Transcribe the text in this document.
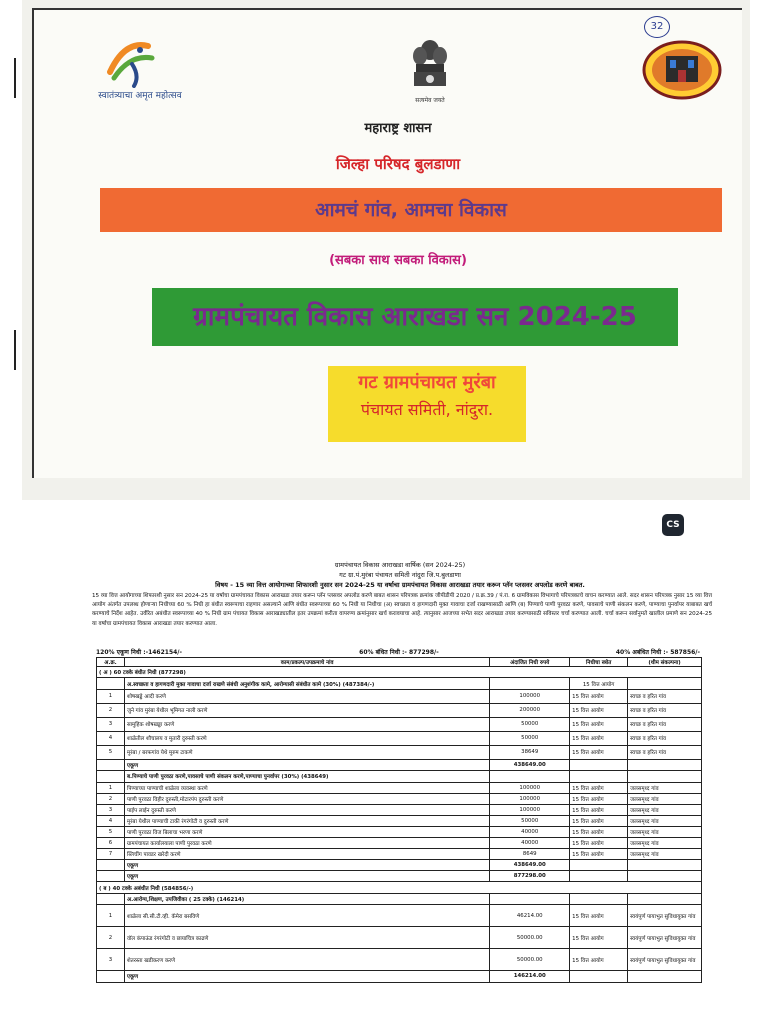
स्वातंत्र्याचा अमृत महोत्सव	सत्यमेव जयते
32
महाराष्ट्र शासन
जिल्हा परिषद बुलडाणा
आमचं गांव, आमचा विकास
(सबका साथ सबका विकास)
ग्रामपंचायत विकास आराखडा सन 2024-25
गट ग्रामपंचायत मुरंबा
पंचायत समिती, नांदुरा.
CS
ग्रामपंचायत विकास आराखडा वार्षिक (सन 2024-25)
गट ग्रा.पं.मुरंबा पंचायत समिती नांदुरा जि.प.बुलडाणा
विषय - 15 व्या वित्त आयोगाच्या शिफारशी नुसार सन 2024-25 या वर्षाचा ग्रामपंचायत विकास आराखडा तयार करून प्लॅन प्लसवर अपलोड करणे बाबत.
15 व्या वित्त आयोगाच्या शिफारशी नुसार सन 2024-25 या वर्षाचा ग्रामपंचायत विकास आराखडा तयार करून प्लॅन प्लसवर अपलोड करणे बाबत शासन परिपत्रक क्रमांक जीपीडीपी 2020 / प्र.क्र.39 / पं.रा. 6 ग्रामविकास विभागाचे परिपत्रकाचे वाचन करण्यात आले. सदर शासन परिपत्रक नुसार 15 व्या वित्त आयोग अंतर्गत उपलब्ध होणाऱ्या निधीच्या 60 % निधी हा बंधीत स्वरूपाचा राहणार असल्याने आणि बंधीत स्वरूपाच्या 60 % निधी या निधीचा (अ) स्वच्छता व हागणदारी मुक्त गावाचा दर्जा राखण्यासाठी आणि (ब) पिण्याचे पाणी पुरवठा करणे, पावसाचे पाणी संकलन करणे, पाण्याचा पुनर्वापर याबाबत खर्च करण्याचे निर्देश आहेत. उर्वरित अबंधीत स्वरूपाच्या 40 % निधी ग्राम पंचायत विकास आराखड्यातील इतर उपक्रमां करीता वापरण्य क्रमांनुसार खर्च करावयाचा आहे. त्यानुसार आजच्या सभेत सदर आराखडा तयार करण्यासाठी सविस्तर चर्चा करण्यात आली. चर्चा करून सर्वानुमते खालील प्रमाणे सन 2024-25 या वर्षाचा ग्रामपंचायत विकास आराखडा तयार करण्यात आला.
120% एकूण निधी :-1462154/-	60% बंधित निधी :- 877298/-	40% अबंधित निधी :- 587856/-
अ.क्र.	काम/प्रकल्प/उपक्रमाचे नांव	अंदाजित निधी रुपये	निधीचा स्त्रोत	(थीम संकल्पना)
( अ ) 60 टक्के बंधीत निधी (877298)				
	अ.स्वच्छता व हागणदारी मुक्त गावाचा दर्जा राखणे संबंधी अनुशंगीक कामे, आरोग्यासी संबंधीत कामे (30%) (487384/-)		15 वित्त आयोग	
1	शोषखड्डे आदी करणे	100000	15 वित्त आयोग	स्वच्छ व हरित गांव
2	जुने गांव मुरंबा येथील भूमिगत नाली करणे	200000	15 वित्त आयोग	स्वच्छ व हरित गांव
3	सामुहिक शोषखड्डा करणे	50000	15 वित्त आयोग	स्वच्छ व हरित गांव
4	शाळेतील शौचालय व मुतारी दुरुस्ती करणे	50000	15 वित्त आयोग	स्वच्छ व हरित गांव
5	मुरंबा / बरफगांव येथे मुरुम टाकणे	38649	15 वित्त आयोग	स्वच्छ व हरित गांव
	एकूण	438649.00		
	ब.पिण्याचे पाणी पुरवठा करणे,पावसाचे पाणी संकलन करणे,पाण्याचा पुनर्वापर (30%) (438649)			
1	पिण्याच्या पाण्याची शाळेला व्यवस्था करणे	100000	15 वित्त आयोग	जलसमृध्द गांव
2	पाणी पुरवठा विहीर दुरुस्ती,मोटारपंप दुरुस्ती करणे	100000	15 वित्त आयोग	जलसमृध्द गांव
3	पाईप लाईन दुरुस्ती करणे	100000	15 वित्त आयोग	जलसमृध्द गांव
4	मुरंबा येथील पाण्याची टाकी रंगरंगोटी व दुरुस्ती करणे	50000	15 वित्त आयोग	जलसमृध्द गांव
5	पाणी पुरवठा विज बिलाचा भरणा करणे	40000	15 वित्त आयोग	जलसमृध्द गांव
6	ग्रामपंचायत कार्यालयाला पाणी पुरवठा करणे	40000	15 वित्त आयोग	जलसमृध्द गांव
7	ब्लिचींग पावडर खरेदी करणे	8649	15 वित्त आयोग	जलसमृध्द गांव
	एकूण	438649.00		
	एकूण	877298.00		
( ब ) 40 टक्के अबंधीत निधी (584856/-)				
	अ.आरोग्य,शिक्षण, उपजिवीका ( 25 टक्के) (146214)			
1	शाळेला सी.सी.टी.व्ही. कॅमेरा बसविणे	46214.00	15 वित्त आयोग	स्वयंपूर्ण पायाभुत सुविधायुक्त गांव
2	वॉल कंपाऊंड रंगरंगोटी व छायाचित्र काढणे	50000.00	15 वित्त आयोग	स्वयंपूर्ण पायाभुत सुविधायुक्त गांव
3	शेतरस्ता खडीकरण करणे	50000.00	15 वित्त आयोग	स्वयंपूर्ण पायाभुत सुविधायुक्त गांव
	एकूण	146214.00		
